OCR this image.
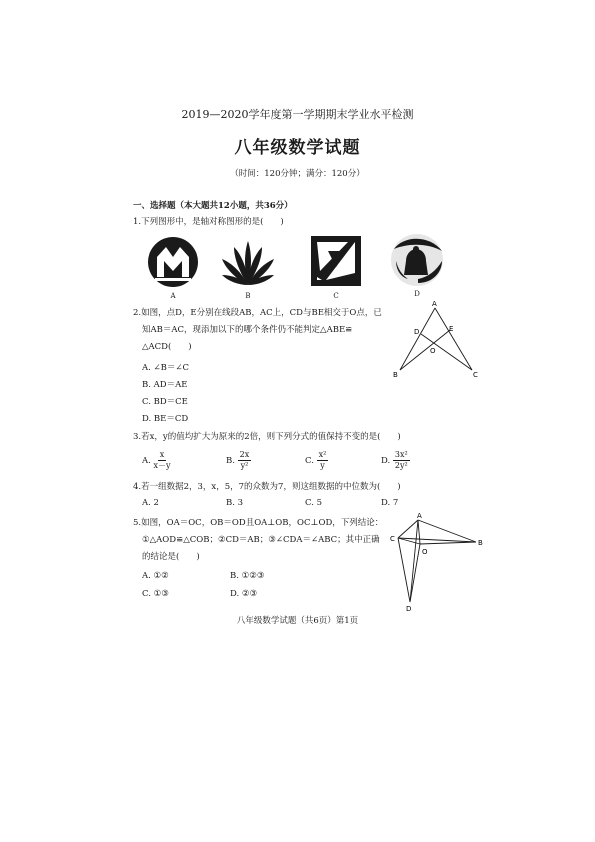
2019—2020学年度第一学期期末学业水平检测
八年级数学试题
（时间：120分钟；满分：120分）
一、选择题（本大题共12小题，共36分）
1.下列图形中，是轴对称图形的是(　　)
A	B	C	D
2.如图，点D，E分别在线段AB，AC上，CD与BE相交于O点，已
知AB＝AC，现添加以下的哪个条件仍不能判定△ABE≌
△ACD(　　)
A. ∠B＝∠C
B. AD＝AE
C. BD＝CE
D. BE＝CD
A
D	E
O
B	C
3.若x，y的值均扩大为原来的2倍，则下列分式的值保持不变的是(　　)
A. $\frac{x}{x-y}$	B. $\frac{2x}{\text{y²}}$	C. $\frac{\text{x²}}{y}$	D. $\frac{\text{3x²}}{\text{2y²}}$
4.若一组数据2，3，x，5，7的众数为7，则这组数据的中位数为(　　)
A. 2	B. 3	C. 5	D. 7
5.如图，OA＝OC，OB＝OD且OA⊥OB，OC⊥OD，下列结论：
①△AOD≌△COB；②CD＝AB；③∠CDA＝∠ABC；其中正确
的结论是(　　)
A. ①②	B. ①②③
C. ①③	D. ②③
A
C
O
B
D
八年级数学试题（共6页）第1页
